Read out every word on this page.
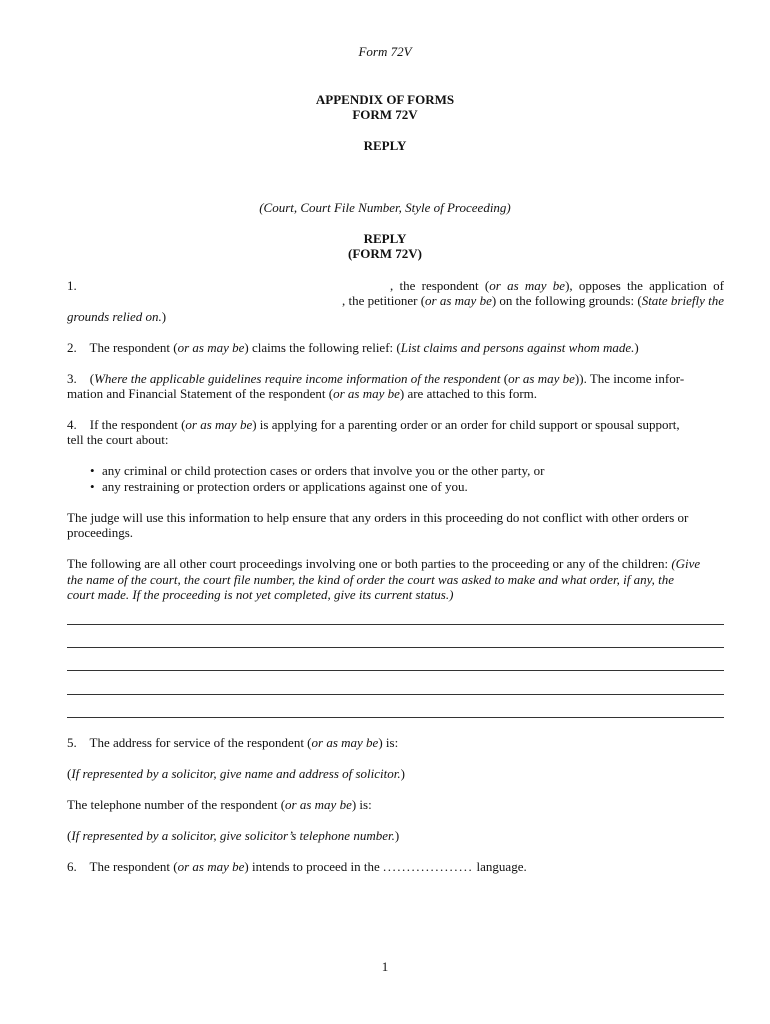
Form 72V
APPENDIX OF FORMS
FORM 72V
REPLY
(Court, Court File Number, Style of Proceeding)
REPLY
(FORM 72V)
1.	, the respondent (or as may be), opposes the application of
, the petitioner (or as may be) on the following grounds: (State briefly the
grounds relied on.)
2.    The respondent (or as may be) claims the following relief: (List claims and persons against whom made.)
3.    (Where the applicable guidelines require income information of the respondent (or as may be)). The income infor-
mation and Financial Statement of the respondent (or as may be) are attached to this form.
4.    If the respondent (or as may be) is applying for a parenting order or an order for child support or spousal support,
tell the court about:
• any criminal or child protection cases or orders that involve you or the other party, or
• any restraining or protection orders or applications against one of you.
The judge will use this information to help ensure that any orders in this proceeding do not conflict with other orders or
proceedings.
The following are all other court proceedings involving one or both parties to the proceeding or any of the children: (Give
the name of the court, the court file number, the kind of order the court was asked to make and what order, if any, the
court made. If the proceeding is not yet completed, give its current status.)
5.    The address for service of the respondent (or as may be) is:
(If represented by a solicitor, give name and address of solicitor.)
The telephone number of the respondent (or as may be) is:
(If represented by a solicitor, give solicitor’s telephone number.)
6.    The respondent (or as may be) intends to proceed in the ................... language.
1
